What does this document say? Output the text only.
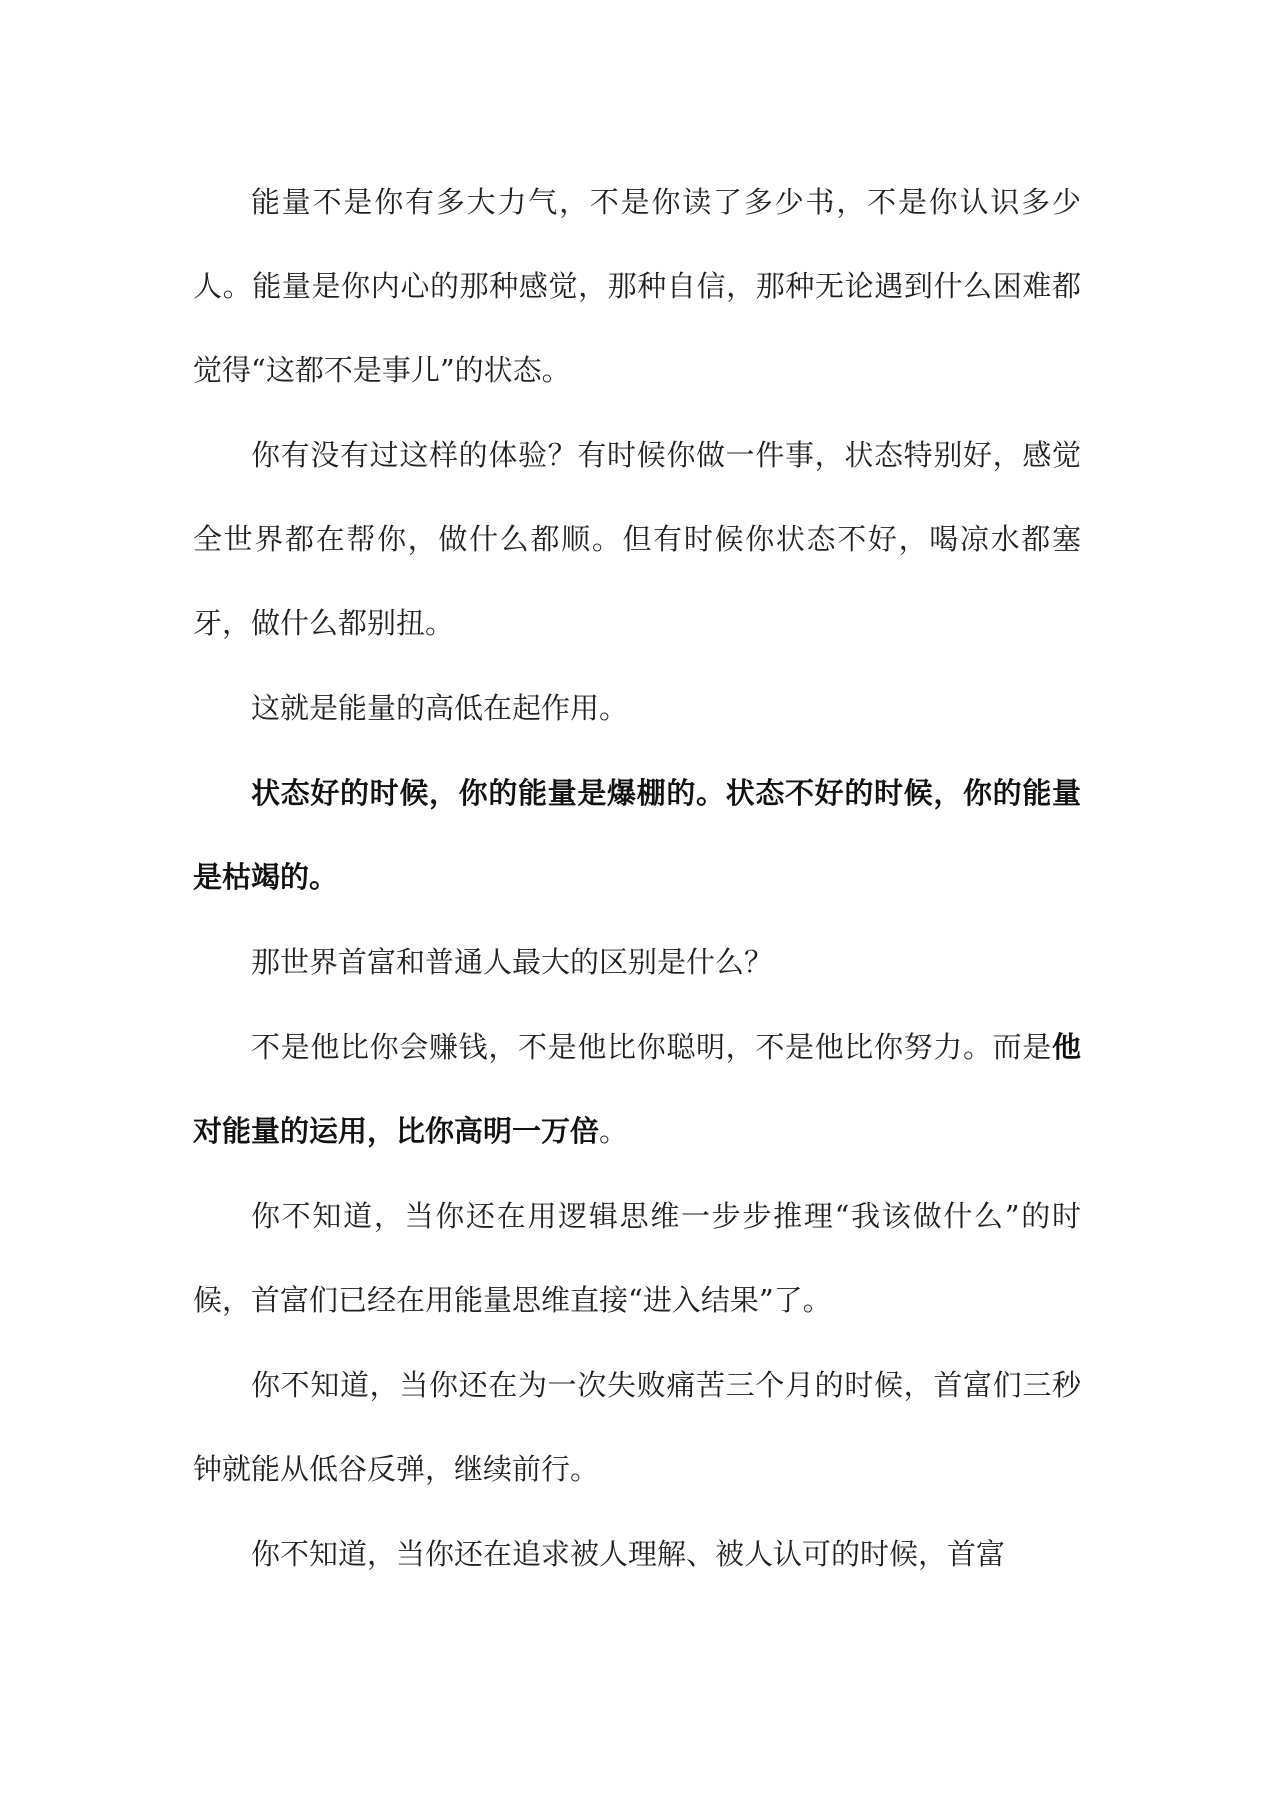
能量不是你有多大力气，不是你读了多少书，不是你认识多少人。能量是你内心的那种感觉，那种自信，那种无论遇到什么困难都觉得“这都不是事儿”的状态。

你有没有过这样的体验？有时候你做一件事，状态特别好，感觉全世界都在帮你，做什么都顺。但有时候你状态不好，喝凉水都塞牙，做什么都别扭。

这就是能量的高低在起作用。

状态好的时候，你的能量是爆棚的。状态不好的时候，你的能量是枯竭的。

那世界首富和普通人最大的区别是什么？

不是他比你会赚钱，不是他比你聪明，不是他比你努力。而是他对能量的运用，比你高明一万倍。

你不知道，当你还在用逻辑思维一步步推理“我该做什么”的时候，首富们已经在用能量思维直接“进入结果”了。

你不知道，当你还在为一次失败痛苦三个月的时候，首富们三秒钟就能从低谷反弹，继续前行。

你不知道，当你还在追求被人理解、被人认可的时候，首富
